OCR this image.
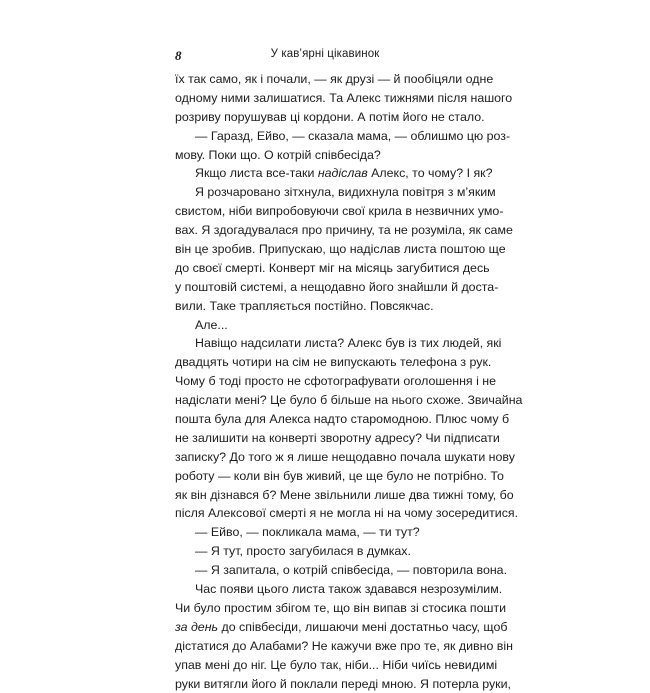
8	У кав’ярні цікавинок
їх так само, як і почали, — як друзі — й пообіцяли одне
одному ними залишатися. Та Алекс тижнями після нашого
розриву порушував ці кордони. А потім його не стало.
— Гаразд, Ейво, — сказала мама, — облишмо цю роз-
мову. Поки що. О котрій співбесіда?
Якщо листа все-таки надіслав Алекс, то чому? І як?
Я розчаровано зітхнула, видихнула повітря з м’яким
свистом, ніби випробовуючи свої крила в незвичних умо-
вах. Я здогадувалася про причину, та не розуміла, як саме
він це зробив. Припускаю, що надіслав листа поштою ще
до своєї смерті. Конверт міг на місяць загубитися десь
у поштовій системі, а нещодавно його знайшли й доста-
вили. Таке трапляється постійно. Повсякчас.
Але...
Навіщо надсилати листа? Алекс був із тих людей, які
двадцять чотири на сім не випускають телефона з рук.
Чому б тоді просто не сфотографувати оголошення і не
надіслати мені? Це було б більше на нього схоже. Звичайна
пошта була для Алекса надто старомодною. Плюс чому б
не залишити на конверті зворотну адресу? Чи підписати
записку? До того ж я лише нещодавно почала шукати нову
роботу — коли він був живий, це ще було не потрібно. То
як він дізнався б? Мене звільнили лише два тижні тому, бо
після Алексової смерті я не могла ні на чому зосередитися.
— Ейво, — покликала мама, — ти тут?
— Я тут, просто загубилася в думках.
— Я запитала, о котрій співбесіда, — повторила вона.
Час появи цього листа також здавався незрозумілим.
Чи було простим збігом те, що він випав зі стосика пошти
за день до співбесіди, лишаючи мені достатньо часу, щоб
дістатися до Алабами? Не кажучи вже про те, як дивно він
упав мені до ніг. Це було так, ніби... Ніби чиїсь невидимі
руки витягли його й поклали переді мною. Я потерла руки,
